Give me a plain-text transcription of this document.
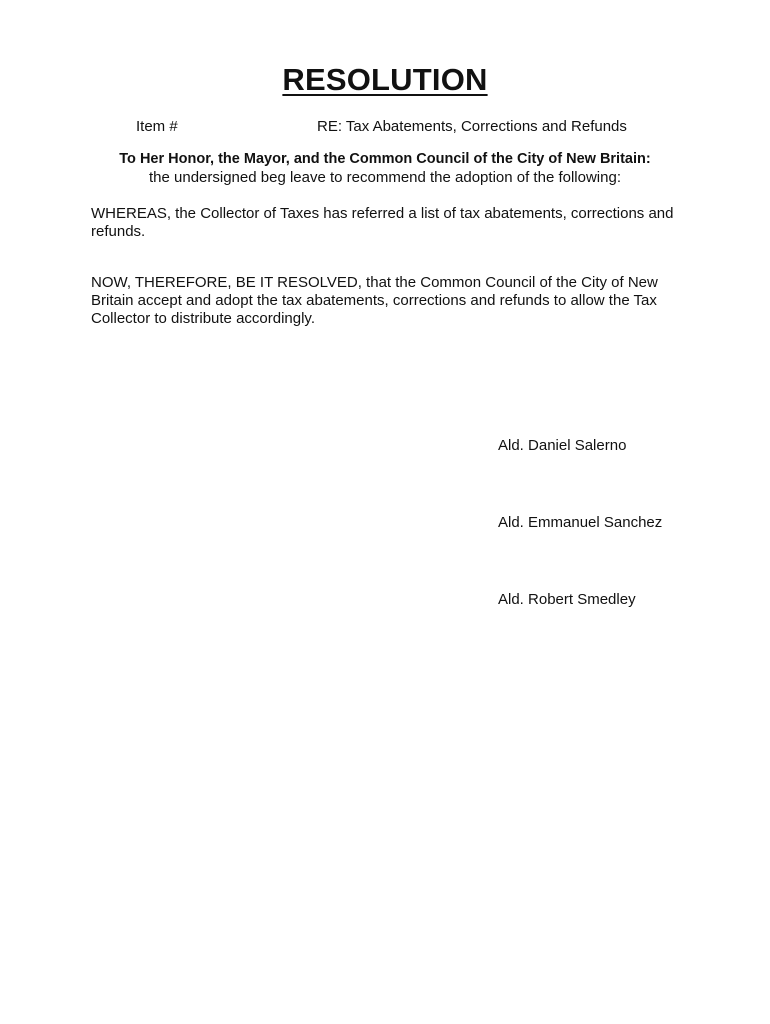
RESOLUTION
Item #	RE: Tax Abatements, Corrections and Refunds
To Her Honor, the Mayor, and the Common Council of the City of New Britain:
the undersigned beg leave to recommend the adoption of the following:
WHEREAS, the Collector of Taxes has referred a list of tax abatements, corrections and refunds.
NOW, THEREFORE, BE IT RESOLVED, that the Common Council of the City of New Britain accept and adopt the tax abatements, corrections and refunds to allow the Tax Collector to distribute accordingly.
Ald. Daniel Salerno
Ald. Emmanuel Sanchez
Ald. Robert Smedley
